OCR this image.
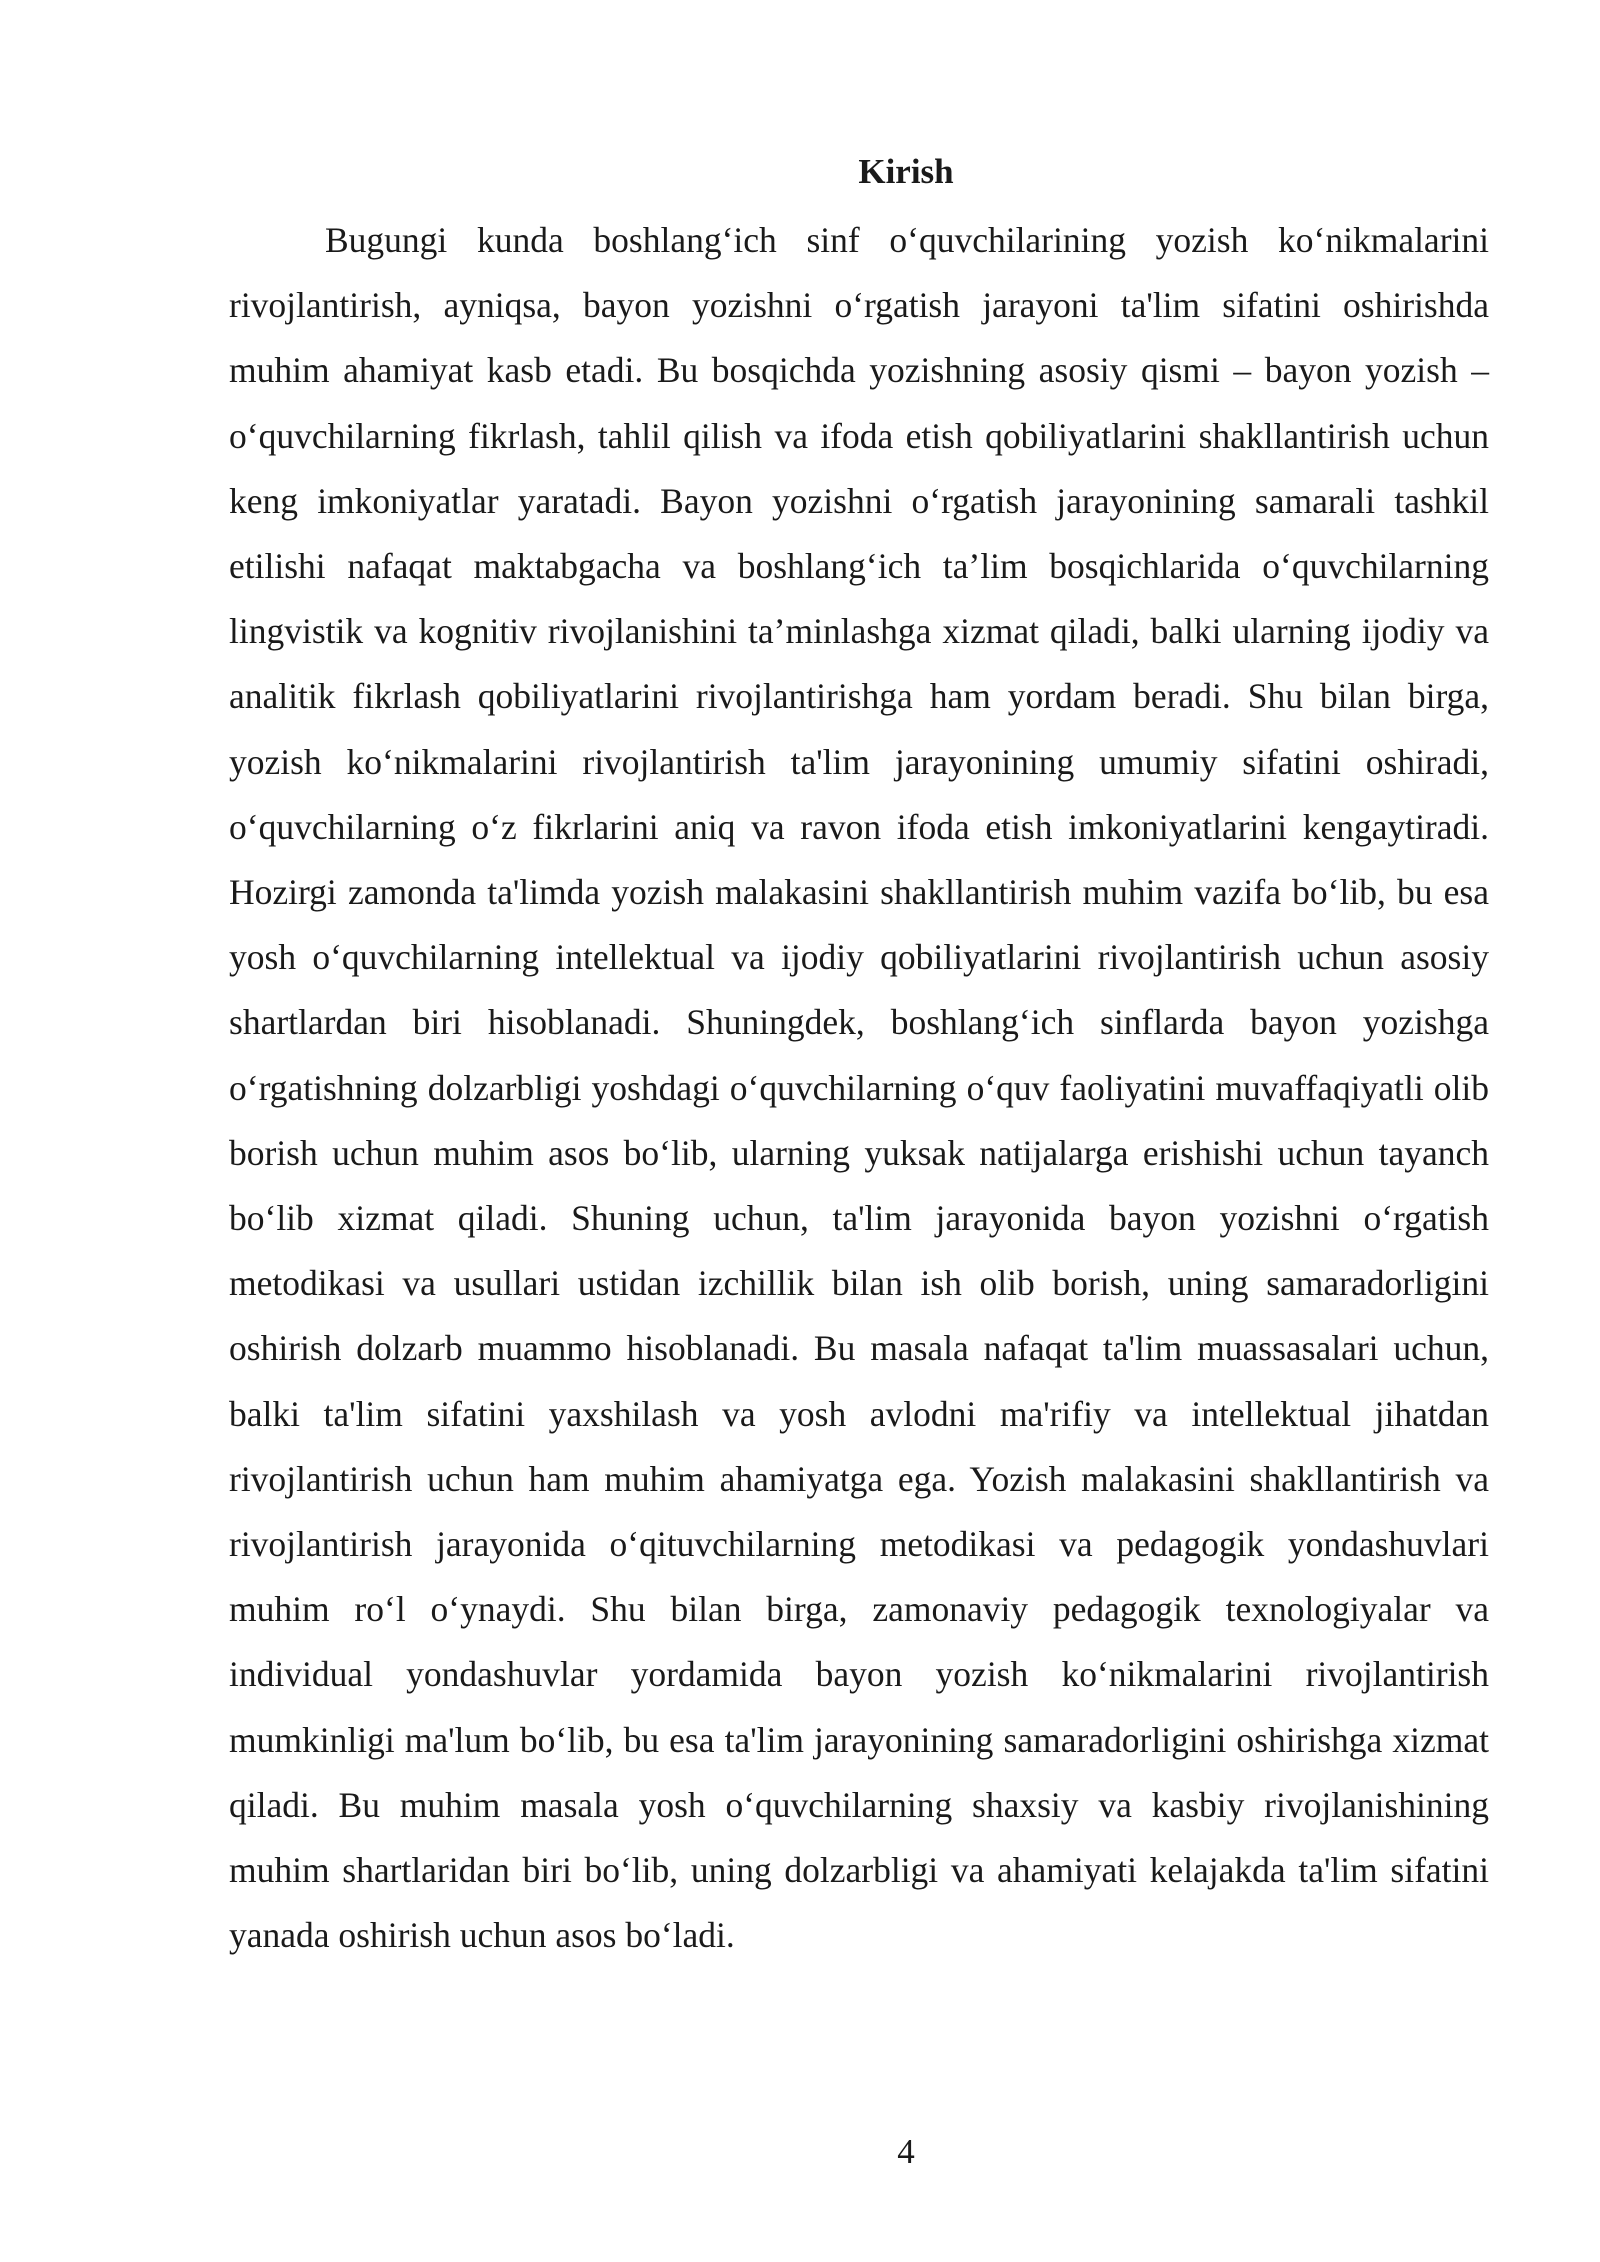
Kirish

Bugungi kunda boshlang‘ich sinf o‘quvchilarining yozish ko‘nikmalarini rivojlantirish, ayniqsa, bayon yozishni o‘rgatish jarayoni ta'lim sifatini oshirishda muhim ahamiyat kasb etadi. Bu bosqichda yozishning asosiy qismi – bayon yozish – o‘quvchilarning fikrlash, tahlil qilish va ifoda etish qobiliyatlarini shakllantirish uchun keng imkoniyatlar yaratadi. Bayon yozishni o‘rgatish jarayonining samarali tashkil etilishi nafaqat maktabgacha va boshlang‘ich ta’lim bosqichlarida o‘quvchilarning lingvistik va kognitiv rivojlanishini ta’minlashga xizmat qiladi, balki ularning ijodiy va analitik fikrlash qobiliyatlarini rivojlantirishga ham yordam beradi. Shu bilan birga, yozish ko‘nikmalarini rivojlantirish ta'lim jarayonining umumiy sifatini oshiradi, o‘quvchilarning o‘z fikrlarini aniq va ravon ifoda etish imkoniyatlarini kengaytiradi. Hozirgi zamonda ta'limda yozish malakasini shakllantirish muhim vazifa bo‘lib, bu esa yosh o‘quvchilarning intellektual va ijodiy qobiliyatlarini rivojlantirish uchun asosiy shartlardan biri hisoblanadi. Shuningdek, boshlang‘ich sinflarda bayon yozishga o‘rgatishning dolzarbligi yoshdagi o‘quvchilarning o‘quv faoliyatini muvaffaqiyatli olib borish uchun muhim asos bo‘lib, ularning yuksak natijalarga erishishi uchun tayanch bo‘lib xizmat qiladi. Shuning uchun, ta'lim jarayonida bayon yozishni o‘rgatish metodikasi va usullari ustidan izchillik bilan ish olib borish, uning samaradorligini oshirish dolzarb muammo hisoblanadi. Bu masala nafaqat ta'lim muassasalari uchun, balki ta'lim sifatini yaxshilash va yosh avlodni ma'rifiy va intellektual jihatdan rivojlantirish uchun ham muhim ahamiyatga ega. Yozish malakasini shakllantirish va rivojlantirish jarayonida o‘qituvchilarning metodikasi va pedagogik yondashuvlari muhim ro‘l o‘ynaydi. Shu bilan birga, zamonaviy pedagogik texnologiyalar va individual yondashuvlar yordamida bayon yozish ko‘nikmalarini rivojlantirish mumkinligi ma'lum bo‘lib, bu esa ta'lim jarayonining samaradorligini oshirishga xizmat qiladi. Bu muhim masala yosh o‘quvchilarning shaxsiy va kasbiy rivojlanishining muhim shartlaridan biri bo‘lib, uning dolzarbligi va ahamiyati kelajakda ta'lim sifatini yanada oshirish uchun asos bo‘ladi.

4
